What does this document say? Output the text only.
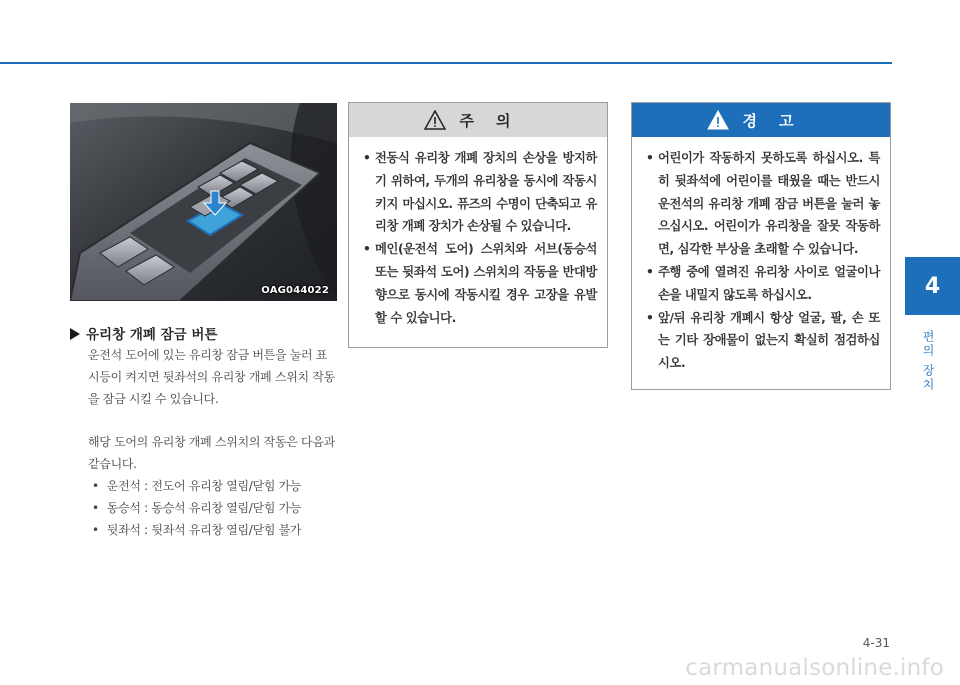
OAG044022
유리창 개폐 잠금 버튼
운전석 도어에 있는 유리창 잠금 버튼을 눌러 표시등이 켜지면 뒷좌석의 유리창 개폐 스위치 작동을 잠금 시킬 수 있습니다.
해당 도어의 유리창 개폐 스위치의 작동은 다음과 같습니다.
• 운전석 : 전도어 유리창 열림/닫힘 가능
• 동승석 : 동승석 유리창 열림/닫힘 가능
• 뒷좌석 : 뒷좌석 유리창 열림/닫힘 불가
주의
• 전동식 유리창 개폐 장치의 손상을 방지하기 위하여, 두개의 유리창을 동시에 작동시키지 마십시오. 퓨즈의 수명이 단축되고 유리창 개폐 장치가 손상될 수 있습니다.
• 메인(운전석 도어) 스위치와 서브(동승석 또는 뒷좌석 도어) 스위치의 작동을 반대방향으로 동시에 작동시킬 경우 고장을 유발할 수 있습니다.
경고
• 어린이가 작동하지 못하도록 하십시오. 특히 뒷좌석에 어린이를 태웠을 때는 반드시 운전석의 유리창 개폐 잠금 버튼을 눌러 놓으십시오. 어린이가 유리창을 잘못 작동하면, 심각한 부상을 초래할 수 있습니다.
• 주행 중에 열려진 유리창 사이로 얼굴이나 손을 내밀지 않도록 하십시오.
• 앞/뒤 유리창 개폐시 항상 얼굴, 팔, 손 또는 기타 장애물이 없는지 확실히 점검하십시오.
4
편의 장치
4-31
carmanualsonline.info
